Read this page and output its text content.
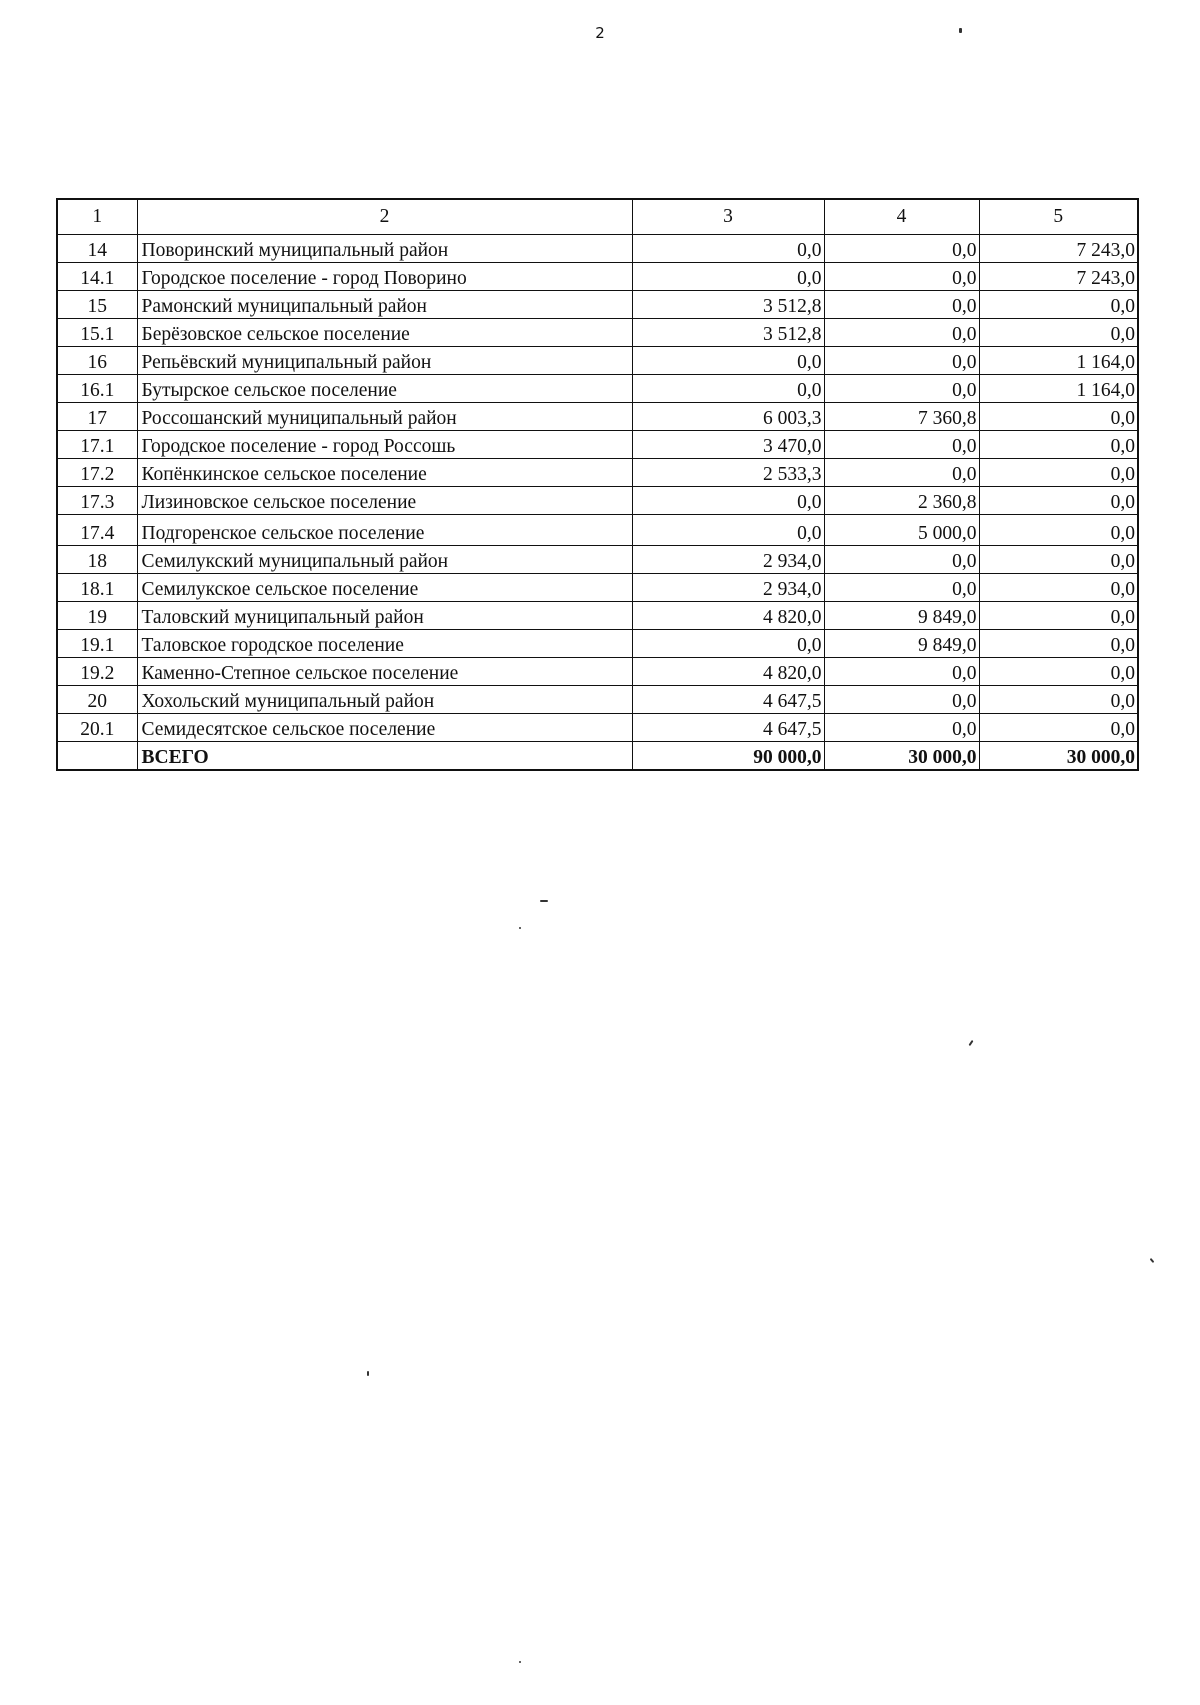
2
1	2	3	4	5
14	Поворинский муниципальный район	0,0	0,0	7 243,0
14.1	Городское поселение - город Поворино	0,0	0,0	7 243,0
15	Рамонский муниципальный район	3 512,8	0,0	0,0
15.1	Берёзовское сельское поселение	3 512,8	0,0	0,0
16	Репьёвский муниципальный район	0,0	0,0	1 164,0
16.1	Бутырское сельское поселение	0,0	0,0	1 164,0
17	Россошанский муниципальный район	6 003,3	7 360,8	0,0
17.1	Городское поселение - город Россошь	3 470,0	0,0	0,0
17.2	Копёнкинское сельское поселение	2 533,3	0,0	0,0
17.3	Лизиновское сельское поселение	0,0	2 360,8	0,0
17.4	Подгоренское сельское поселение	0,0	5 000,0	0,0
18	Семилукский муниципальный район	2 934,0	0,0	0,0
18.1	Семилукское сельское поселение	2 934,0	0,0	0,0
19	Таловский муниципальный район	4 820,0	9 849,0	0,0
19.1	Таловское городское поселение	0,0	9 849,0	0,0
19.2	Каменно-Степное сельское поселение	4 820,0	0,0	0,0
20	Хохольский муниципальный район	4 647,5	0,0	0,0
20.1	Семидесятское сельское поселение	4 647,5	0,0	0,0
	ВСЕГО	90 000,0	30 000,0	30 000,0
